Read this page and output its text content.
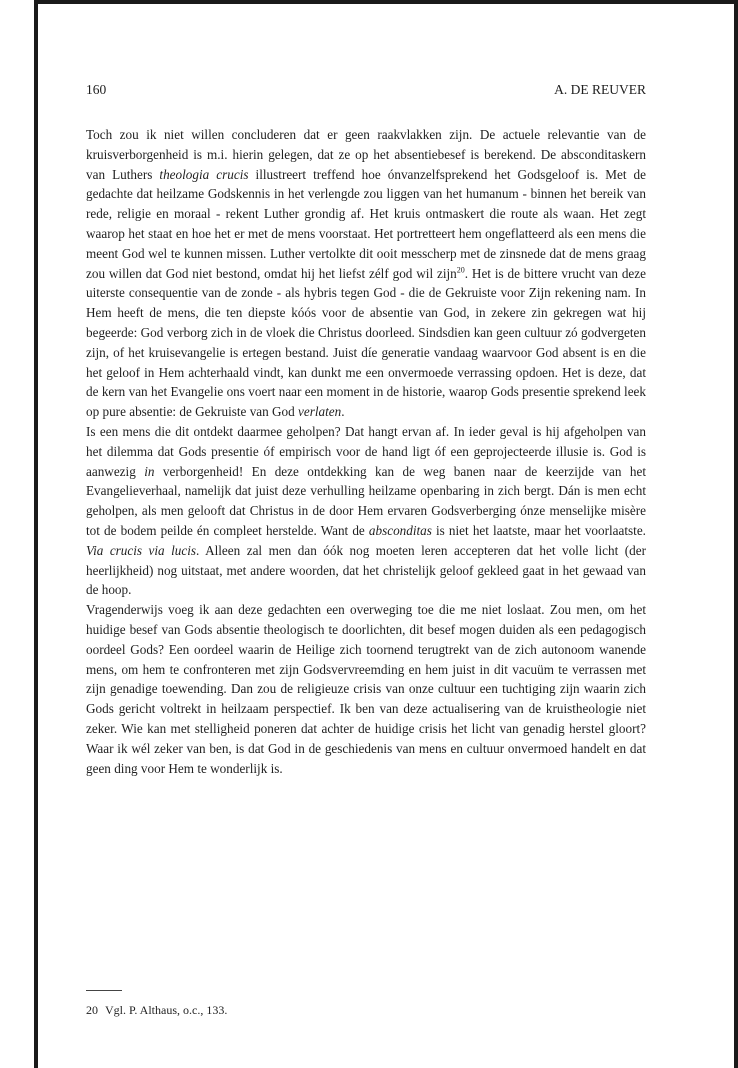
160	A. DE REUVER

Toch zou ik niet willen concluderen dat er geen raakvlakken zijn. De actuele relevantie van de kruisverborgenheid is m.i. hierin gelegen, dat ze op het absentiebesef is berekend. De absconditaskern van Luthers theologia crucis illustreert treffend hoe ónvanzelfsprekend het Godsgeloof is. Met de gedachte dat heilzame Godskennis in het verlengde zou liggen van het humanum - binnen het bereik van rede, religie en moraal - rekent Luther grondig af. Het kruis ontmaskert die route als waan. Het zegt waarop het staat en hoe het er met de mens voorstaat. Het portretteert hem ongeflatteerd als een mens die meent God wel te kunnen missen. Luther vertolkte dit ooit messcherp met de zinsnede dat de mens graag zou willen dat God niet bestond, omdat hij het liefst zélf god wil zijn$^{20}$. Het is de bittere vrucht van deze uiterste consequentie van de zonde - als hybris tegen God - die de Gekruiste voor Zijn rekening nam. In Hem heeft de mens, die ten diepste kóós voor de absentie van God, in zekere zin gekregen wat hij begeerde: God verborg zich in de vloek die Christus doorleed. Sindsdien kan geen cultuur zó godvergeten zijn, of het kruisevangelie is ertegen bestand. Juist díe generatie vandaag waarvoor God absent is en die het geloof in Hem achterhaald vindt, kan dunkt me een onvermoede verrassing opdoen. Het is deze, dat de kern van het Evangelie ons voert naar een moment in de historie, waarop Gods presentie sprekend leek op pure absentie: de Gekruiste van God verlaten.

Is een mens die dit ontdekt daarmee geholpen? Dat hangt ervan af. In ieder geval is hij afgeholpen van het dilemma dat Gods presentie óf empirisch voor de hand ligt óf een geprojecteerde illusie is. God is aanwezig in verborgenheid! En deze ontdekking kan de weg banen naar de keerzijde van het Evangelieverhaal, namelijk dat juist deze verhulling heilzame openbaring in zich bergt. Dán is men echt geholpen, als men gelooft dat Christus in de door Hem ervaren Godsverberging ónze menselijke misère tot de bodem peilde én compleet herstelde. Want de absconditas is niet het laatste, maar het voorlaatste. Via crucis via lucis. Alleen zal men dan óók nog moeten leren accepteren dat het volle licht (der heerlijkheid) nog uitstaat, met andere woorden, dat het christelijk geloof gekleed gaat in het gewaad van de hoop.

Vragenderwijs voeg ik aan deze gedachten een overweging toe die me niet loslaat. Zou men, om het huidige besef van Gods absentie theologisch te doorlichten, dit besef mogen duiden als een pedagogisch oordeel Gods? Een oordeel waarin de Heilige zich toornend terugtrekt van de zich autonoom wanende mens, om hem te confronteren met zijn Godsvervreemding en hem juist in dit vacuüm te verrassen met zijn genadige toewending. Dan zou de religieuze crisis van onze cultuur een tuchtiging zijn waarin zich Gods gericht voltrekt in heilzaam perspectief. Ik ben van deze actualisering van de kruistheologie niet zeker. Wie kan met stelligheid poneren dat achter de huidige crisis het licht van genadig herstel gloort? Waar ik wél zeker van ben, is dat God in de geschiedenis van mens en cultuur onvermoed handelt en dat geen ding voor Hem te wonderlijk is.

20 Vgl. P. Althaus, o.c., 133.
